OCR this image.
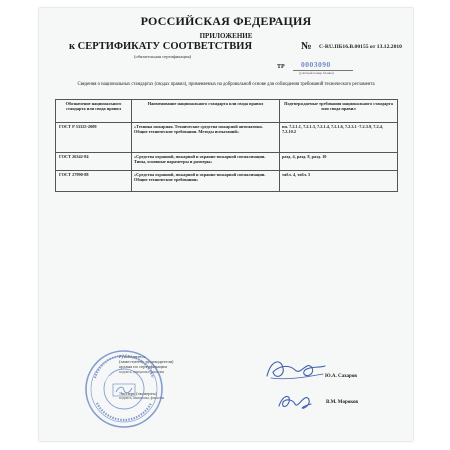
РОССИЙСКАЯ ФЕДЕРАЦИЯ
ПРИЛОЖЕНИЕ
к СЕРТИФИКАТУ СООТВЕТСТВИЯ	№ C-RU.ПБ16.В.00155 от 13.12.2010
(обязательная сертификация)
ТР 0003090
(учетный номер бланка)
Сведения о национальных стандартах (сводах правил), применяемых на добровольной основе для соблюдения требований технического регламента
Обозначение национального стандарта или свода правил	Наименование национального стандарта или свода правил	Подтверждаемые требования национального стандарта или свода правил
ГОСТ Р 53325-2009	«Техника пожарная. Технические средства пожарной автоматики. Общие технические требования. Методы испытаний»	пп. 7.2.1.1, 7.2.1.3, 7.2.1.4, 7.2.1.6, 7.2.3.1 -7.2.3.9, 7.2.4, 7.2.10.2
ГОСТ 26342-84	«Средства охранной, пожарной и охранно-пожарной сигнализации. Типы, основные параметры и размеры»	разд. 4, разд. 8, разд. 10
ГОСТ 27990-88	«Средства охранной, пожарной и охранно-пожарной сигнализации. Общие технические требования»	табл. 4, табл. 5
Руководитель
(заместитель руководителя)
органа по сертификации
подпись, инициалы, фамилия
Ю.А. Сахаров
Эксперт (эксперты)
подпись, инициалы, фамилия
В.М. Мороков
